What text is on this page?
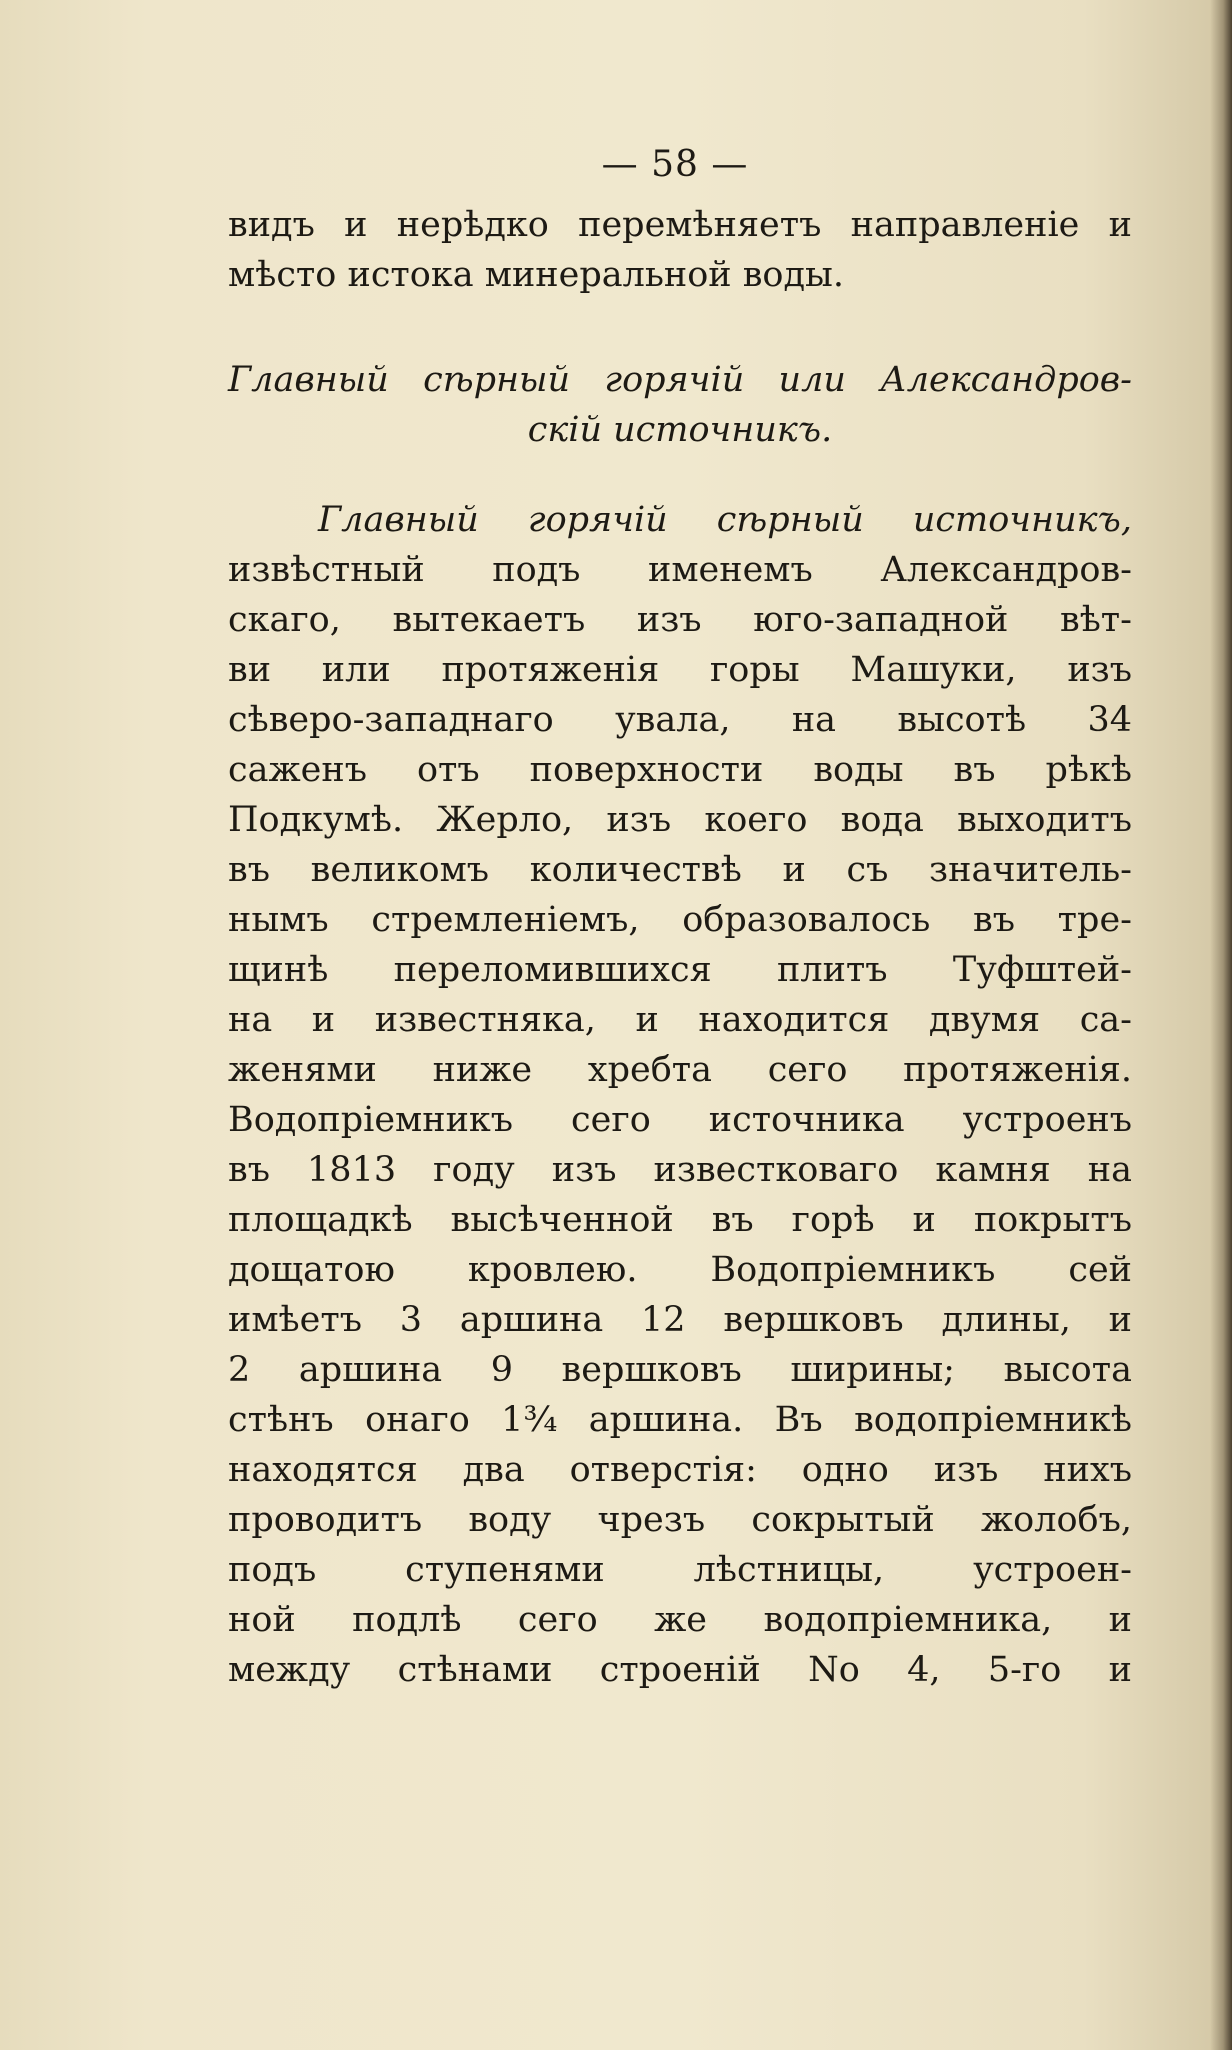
— 58 —
видъ и нерѣдко перемѣняетъ направленіе и
мѣсто истока минеральной воды.
Главный сѣрный горячій или Александров-
скій источникъ.
Главный горячій сѣрный источникъ,
извѣстный подъ именемъ Александров-
скаго, вытекаетъ изъ юго-западной вѣт-
ви или протяженія горы Машуки, изъ
сѣверо-западнаго увала, на высотѣ 34
саженъ отъ поверхности воды въ рѣкѣ
Подкумѣ. Жерло, изъ коего вода выходитъ
въ великомъ количествѣ и съ значитель-
нымъ стремленіемъ, образовалось въ тре-
щинѣ переломившихся плитъ Туфштей-
на и известняка, и находится двумя са-
женями ниже хребта сего протяженія.
Водопріемникъ сего источника устроенъ
въ 1813 году изъ известковаго камня на
площадкѣ высѣченной въ горѣ и покрытъ
дощатою кровлею. Водопріемникъ сей
имѣетъ 3 аршина 12 вершковъ длины, и
2 аршина 9 вершковъ ширины; высота
стѣнъ онаго 1¾ аршина. Въ водопріемникѣ
находятся два отверстія: одно изъ нихъ
проводитъ воду чрезъ сокрытый жолобъ,
подъ ступенями лѣстницы, устроен-
ной подлѣ сего же водопріемника, и
между стѣнами строеній No 4, 5-го и
